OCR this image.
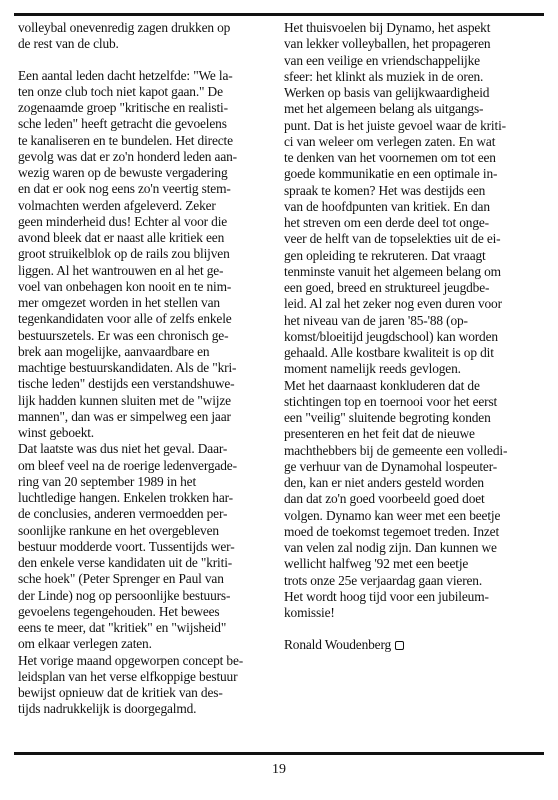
volleybal onevenredig zagen drukken op
de rest van de club.

Een aantal leden dacht hetzelfde: "We la-
ten onze club toch niet kapot gaan." De
zogenaamde groep "kritische en realisti-
sche leden" heeft getracht die gevoelens
te kanaliseren en te bundelen. Het directe
gevolg was dat er zo'n honderd leden aan-
wezig waren op de bewuste vergadering
en dat er ook nog eens zo'n veertig stem-
volmachten werden afgeleverd. Zeker
geen minderheid dus! Echter al voor die
avond bleek dat er naast alle kritiek een
groot struikelblok op de rails zou blijven
liggen. Al het wantrouwen en al het ge-
voel van onbehagen kon nooit en te nim-
mer omgezet worden in het stellen van
tegenkandidaten voor alle of zelfs enkele
bestuurszetels. Er was een chronisch ge-
brek aan mogelijke, aanvaardbare en
machtige bestuurskandidaten. Als de "kri-
tische leden" destijds een verstandshuwe-
lijk hadden kunnen sluiten met de "wijze
mannen", dan was er simpelweg een jaar
winst geboekt.

Dat laatste was dus niet het geval. Daar-
om bleef veel na de roerige ledenvergade-
ring van 20 september 1989 in het
luchtledige hangen. Enkelen trokken har-
de conclusies, anderen vermoedden per-
soonlijke rankune en het overgebleven
bestuur modderde voort. Tussentijds wer-
den enkele verse kandidaten uit de "kriti-
sche hoek" (Peter Sprenger en Paul van
der Linde) nog op persoonlijke bestuurs-
gevoelens tegengehouden. Het bewees
eens te meer, dat "kritiek" en "wijsheid"
om elkaar verlegen zaten.

Het vorige maand opgeworpen concept be-
leidsplan van het verse elfkoppige bestuur
bewijst opnieuw dat de kritiek van des-
tijds nadrukkelijk is doorgegalmd.

Het thuisvoelen bij Dynamo, het aspekt
van lekker volleyballen, het propageren
van een veilige en vriendschappelijke
sfeer: het klinkt als muziek in de oren.
Werken op basis van gelijkwaardigheid
met het algemeen belang als uitgangs-
punt. Dat is het juiste gevoel waar de kriti-
ci van weleer om verlegen zaten. En wat
te denken van het voornemen om tot een
goede kommunikatie en een optimale in-
spraak te komen? Het was destijds een
van de hoofdpunten van kritiek. En dan
het streven om een derde deel tot onge-
veer de helft van de topselekties uit de ei-
gen opleiding te rekruteren. Dat vraagt
tenminste vanuit het algemeen belang om
een goed, breed en struktureel jeugdbe-
leid. Al zal het zeker nog even duren voor
het niveau van de jaren '85-'88 (op-
komst/bloeitijd jeugdschool) kan worden
gehaald. Alle kostbare kwaliteit is op dit
moment namelijk reeds gevlogen.

Met het daarnaast konkluderen dat de
stichtingen top en toernooi voor het eerst
een "veilig" sluitende begroting konden
presenteren en het feit dat de nieuwe
machthebbers bij de gemeente een volledi-
ge verhuur van de Dynamohal lospeuter-
den, kan er niet anders gesteld worden
dan dat zo'n goed voorbeeld goed doet
volgen. Dynamo kan weer met een beetje
moed de toekomst tegemoet treden. Inzet
van velen zal nodig zijn. Dan kunnen we
wellicht halfweg '92 met een beetje
trots onze 25e verjaardag gaan vieren.
Het wordt hoog tijd voor een jubileum-
komissie!

Ronald Woudenberg

19
